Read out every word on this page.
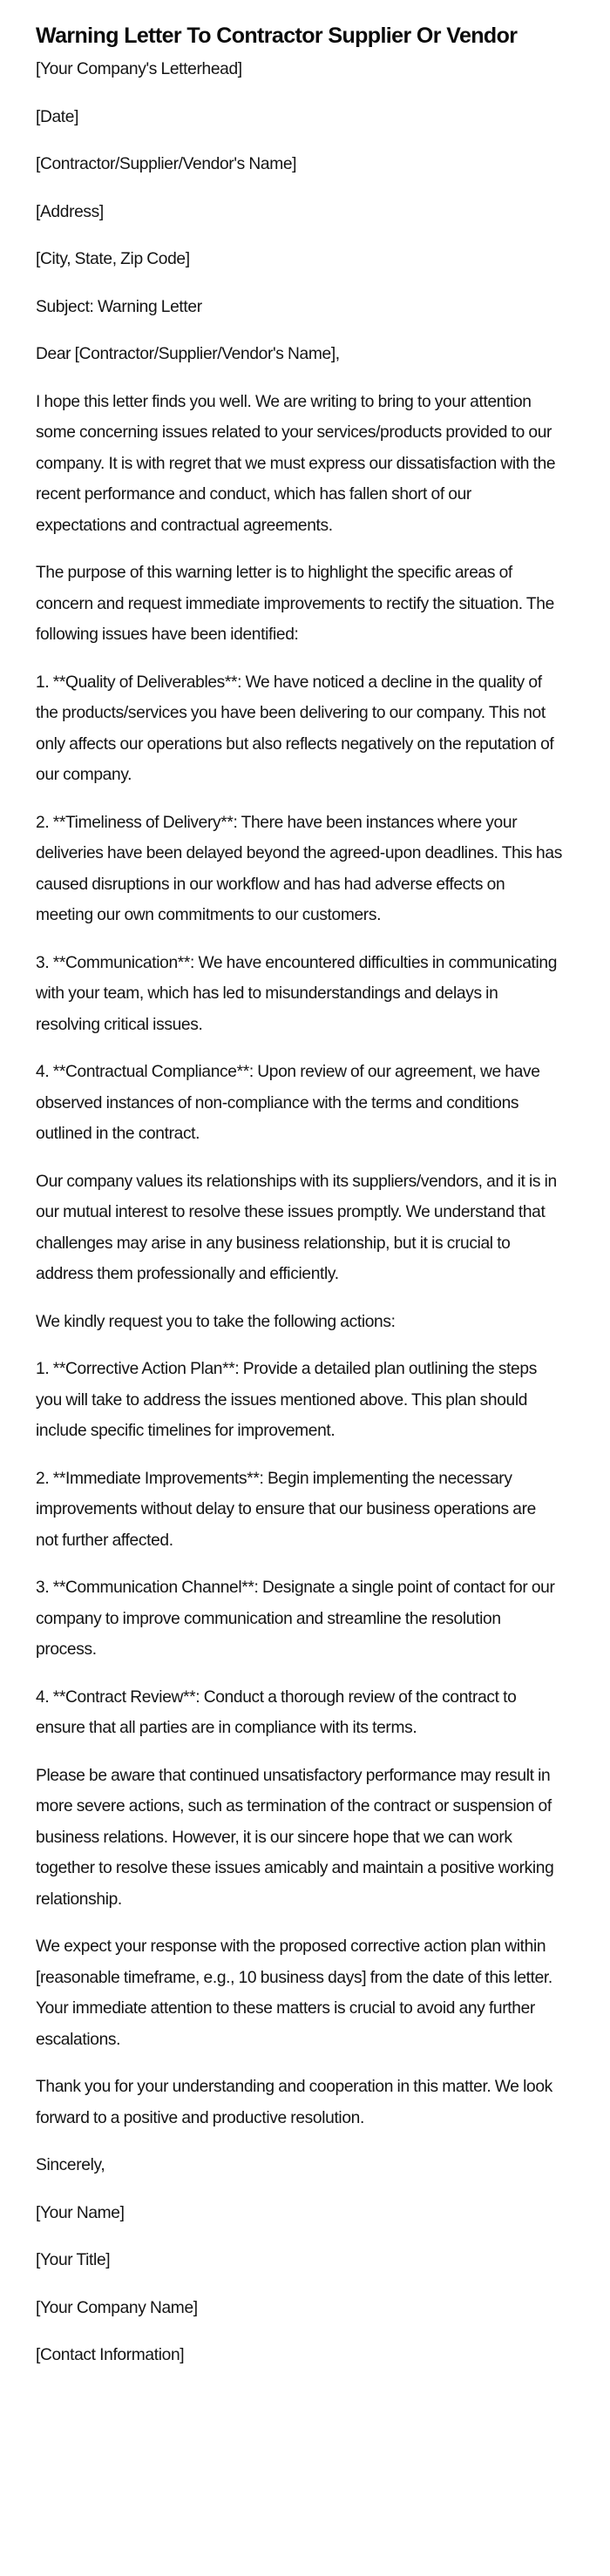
Warning Letter To Contractor Supplier Or Vendor

[Your Company's Letterhead]

[Date]

[Contractor/Supplier/Vendor's Name]

[Address]

[City, State, Zip Code]

Subject: Warning Letter

Dear [Contractor/Supplier/Vendor's Name],

I hope this letter finds you well. We are writing to bring to your attention some concerning issues related to your services/products provided to our company. It is with regret that we must express our dissatisfaction with the recent performance and conduct, which has fallen short of our expectations and contractual agreements.

The purpose of this warning letter is to highlight the specific areas of concern and request immediate improvements to rectify the situation. The following issues have been identified:

1. **Quality of Deliverables**: We have noticed a decline in the quality of the products/services you have been delivering to our company. This not only affects our operations but also reflects negatively on the reputation of our company.

2. **Timeliness of Delivery**: There have been instances where your deliveries have been delayed beyond the agreed-upon deadlines. This has caused disruptions in our workflow and has had adverse effects on meeting our own commitments to our customers.

3. **Communication**: We have encountered difficulties in communicating with your team, which has led to misunderstandings and delays in resolving critical issues.

4. **Contractual Compliance**: Upon review of our agreement, we have observed instances of non-compliance with the terms and conditions outlined in the contract.

Our company values its relationships with its suppliers/vendors, and it is in our mutual interest to resolve these issues promptly. We understand that challenges may arise in any business relationship, but it is crucial to address them professionally and efficiently.

We kindly request you to take the following actions:

1. **Corrective Action Plan**: Provide a detailed plan outlining the steps you will take to address the issues mentioned above. This plan should include specific timelines for improvement.

2. **Immediate Improvements**: Begin implementing the necessary improvements without delay to ensure that our business operations are not further affected.

3. **Communication Channel**: Designate a single point of contact for our company to improve communication and streamline the resolution process.

4. **Contract Review**: Conduct a thorough review of the contract to ensure that all parties are in compliance with its terms.

Please be aware that continued unsatisfactory performance may result in more severe actions, such as termination of the contract or suspension of business relations. However, it is our sincere hope that we can work together to resolve these issues amicably and maintain a positive working relationship.

We expect your response with the proposed corrective action plan within [reasonable timeframe, e.g., 10 business days] from the date of this letter. Your immediate attention to these matters is crucial to avoid any further escalations.

Thank you for your understanding and cooperation in this matter. We look forward to a positive and productive resolution.

Sincerely,

[Your Name]

[Your Title]

[Your Company Name]

[Contact Information]
